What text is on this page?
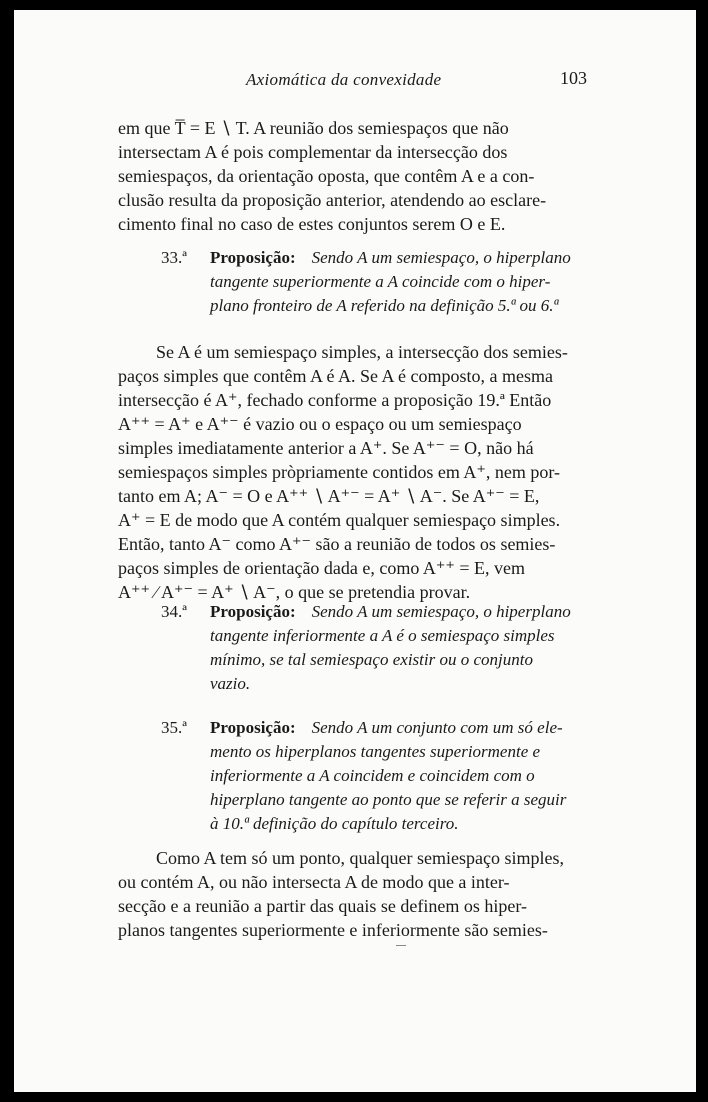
Axiomática da convexidade	103
em que T̅ = E ∖ T. A reunião dos semiespaços que não
intersectam A é pois complementar da intersecção dos
semiespaços, da orientação oposta, que contêm A e a con-
clusão resulta da proposição anterior, atendendo ao esclare-
cimento final no caso de estes conjuntos serem O e E.
33.ª	Proposição: Sendo A um semiespaço, o hiperplano
tangente superiormente a A coincide com o hiper-
plano fronteiro de A referido na definição 5.ª ou 6.ª
Se A é um semiespaço simples, a intersecção dos semies-
paços simples que contêm A é A. Se A é composto, a mesma
intersecção é A⁺, fechado conforme a proposição 19.ª Então
A⁺⁺ = A⁺ e A⁺⁻ é vazio ou o espaço ou um semiespaço
simples imediatamente anterior a A⁺. Se A⁺⁻ = O, não há
semiespaços simples pròpriamente contidos em A⁺, nem por-
tanto em A; A⁻ = O e A⁺⁺ ∖ A⁺⁻ = A⁺ ∖ A⁻. Se A⁺⁻ = E,
A⁺ = E de modo que A contém qualquer semiespaço simples.
Então, tanto A⁻ como A⁺⁻ são a reunião de todos os semies-
paços simples de orientação dada e, como A⁺⁺ = E, vem
A⁺⁺ ∕ A⁺⁻ = A⁺ ∖ A⁻, o que se pretendia provar.
34.ª	Proposição: Sendo A um semiespaço, o hiperplano
tangente inferiormente a A é o semiespaço simples
mínimo, se tal semiespaço existir ou o conjunto
vazio.
35.ª	Proposição: Sendo A um conjunto com um só ele-
mento os hiperplanos tangentes superiormente e
inferiormente a A coincidem e coincidem com o
hiperplano tangente ao ponto que se referir a seguir
à 10.ª definição do capítulo terceiro.
Como A tem só um ponto, qualquer semiespaço simples,
ou contém A, ou não intersecta A de modo que a inter-
secção e a reunião a partir das quais se definem os hiper-
planos tangentes superiormente e inferiormente são semies-
